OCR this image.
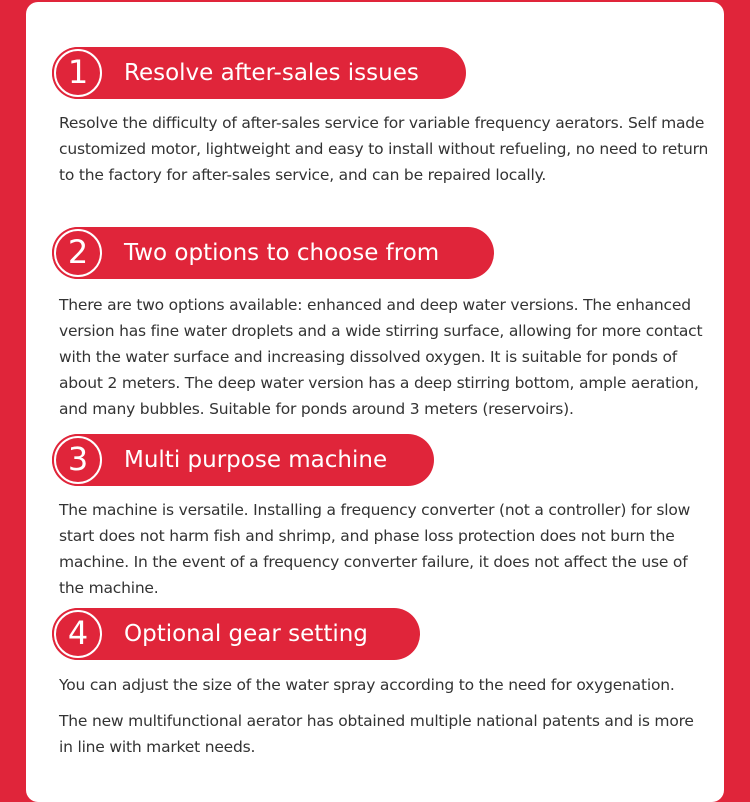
1	Resolve after-sales issues

Resolve the difficulty of after-sales service for variable frequency aerators. Self made customized motor, lightweight and easy to install without refueling, no need to return to the factory for after-sales service, and can be repaired locally.

2	Two options to choose from

There are two options available: enhanced and deep water versions. The enhanced version has fine water droplets and a wide stirring surface, allowing for more contact with the water surface and increasing dissolved oxygen. It is suitable for ponds of about 2 meters. The deep water version has a deep stirring bottom, ample aeration, and many bubbles. Suitable for ponds around 3 meters (reservoirs).

3	Multi purpose machine

The machine is versatile. Installing a frequency converter (not a controller) for slow start does not harm fish and shrimp, and phase loss protection does not burn the machine. In the event of a frequency converter failure, it does not affect the use of the machine.

4	Optional gear setting

You can adjust the size of the water spray according to the need for oxygenation.

The new multifunctional aerator has obtained multiple national patents and is more in line with market needs.
